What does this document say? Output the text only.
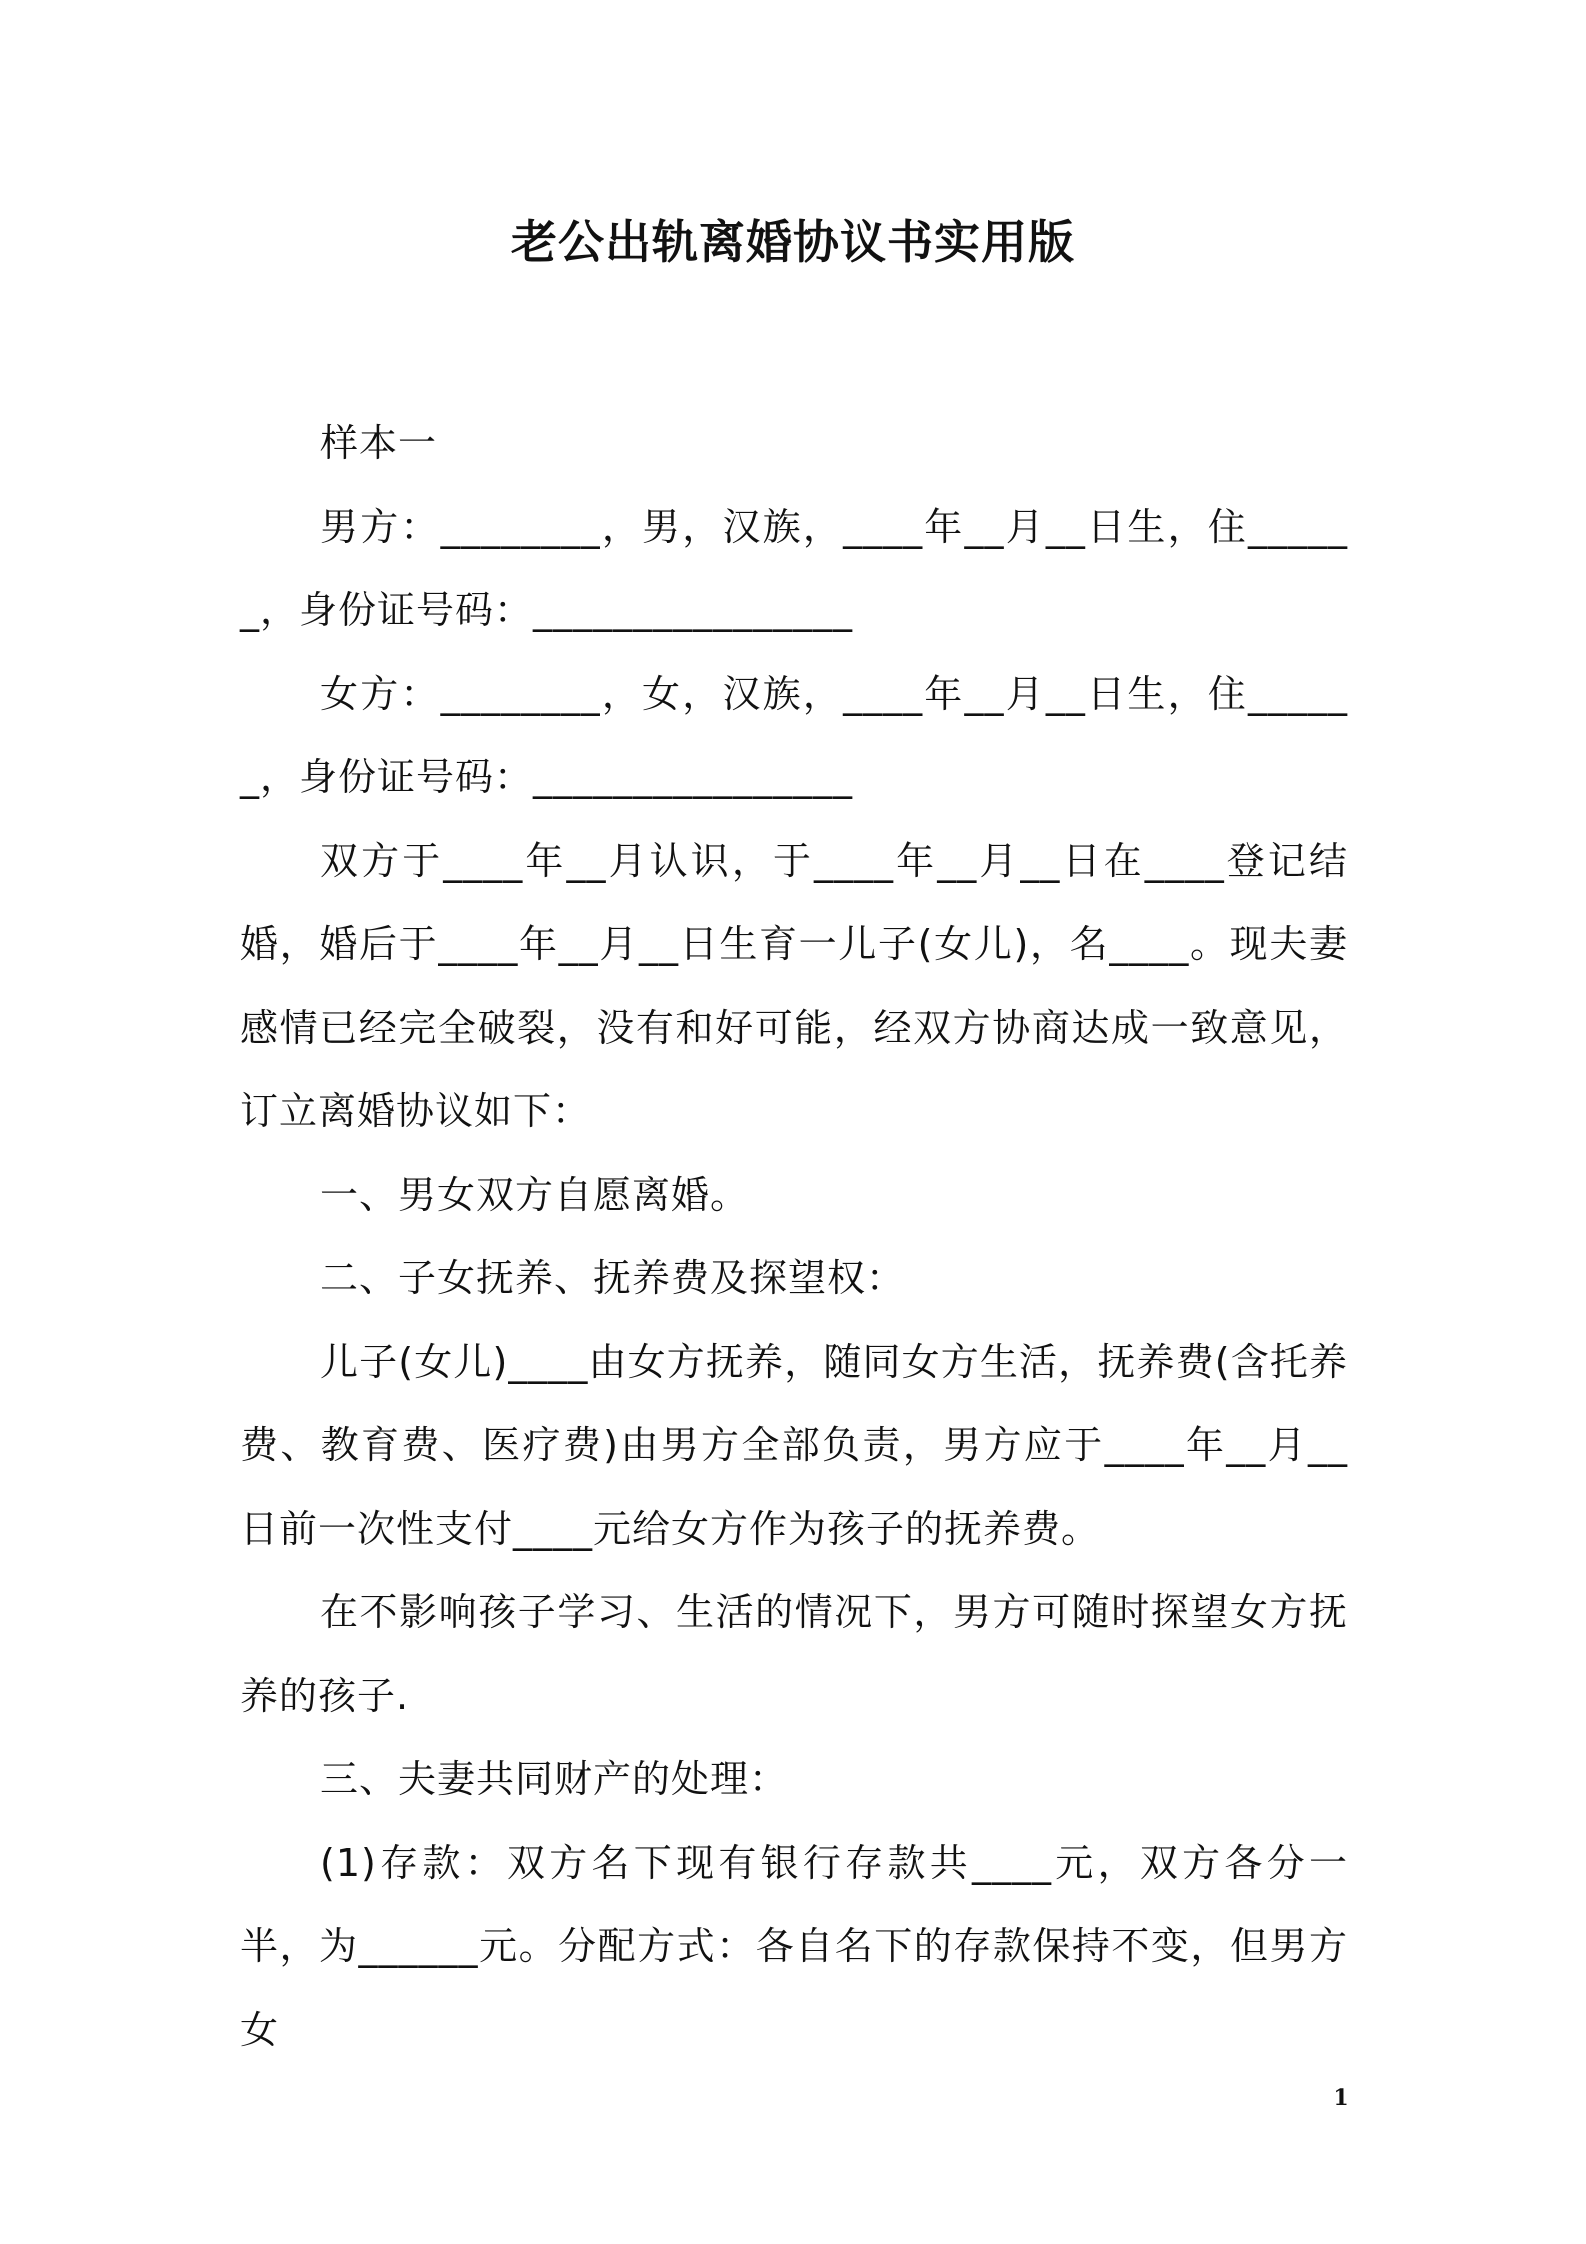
老公出轨离婚协议书实用版

样本一

男方：________，男，汉族，____年__月__日生，住______，身份证号码：________________

女方：________，女，汉族，____年__月__日生，住______，身份证号码：________________

双方于____年__月认识，于____年__月__日在____登记结婚，婚后于____年__月__日生育一儿子(女儿)，名____。现夫妻感情已经完全破裂，没有和好可能，经双方协商达成一致意见，订立离婚协议如下：

一、男女双方自愿离婚。

二、子女抚养、抚养费及探望权：

儿子(女儿)____由女方抚养，随同女方生活，抚养费(含托养费、教育费、医疗费)由男方全部负责，男方应于____年__月__日前一次性支付____元给女方作为孩子的抚养费。

在不影响孩子学习、生活的情况下，男方可随时探望女方抚养的孩子.

三、夫妻共同财产的处理：

(1)存款：双方名下现有银行存款共____元，双方各分一半，为______元。分配方式：各自名下的存款保持不变，但男方女

1
